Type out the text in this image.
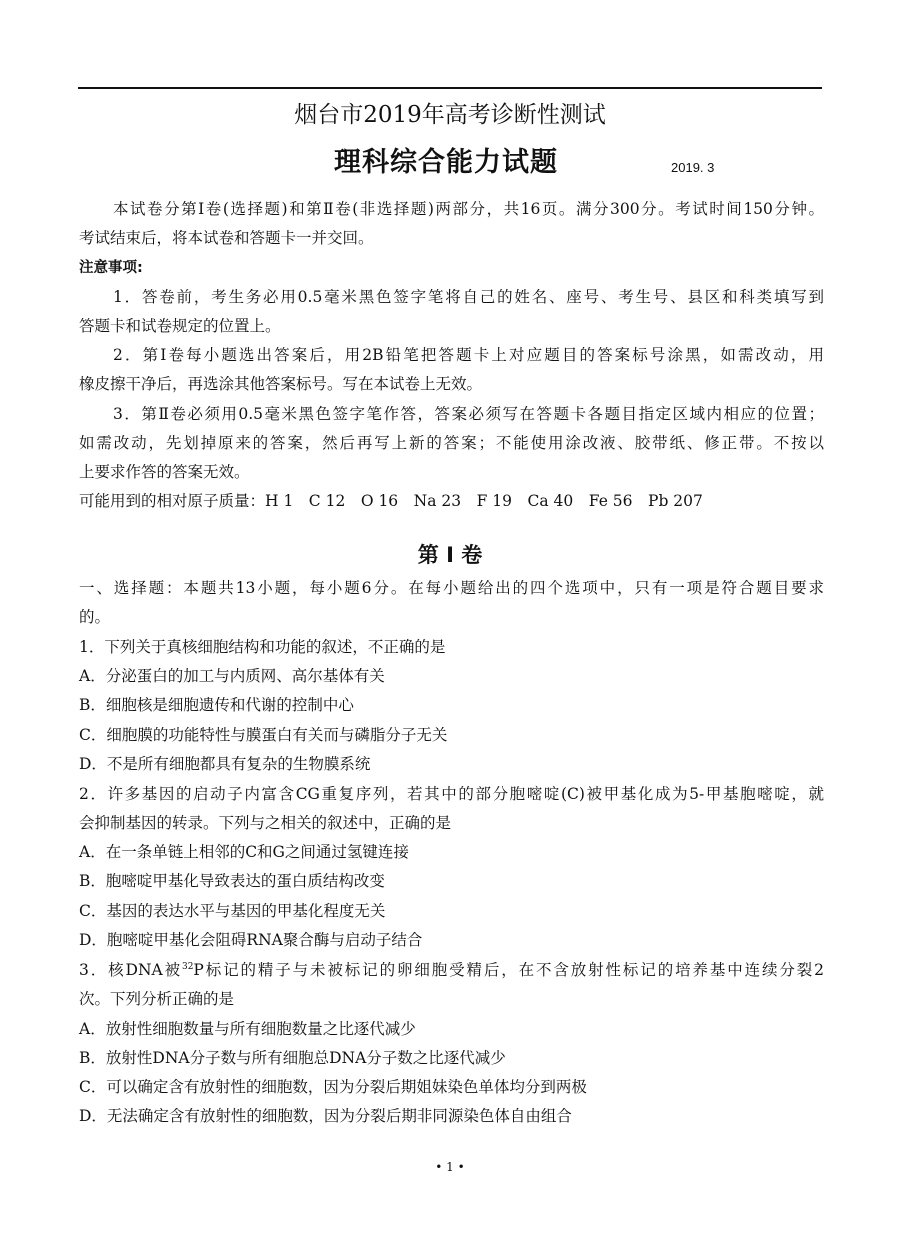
烟台市2019年高考诊断性测试
理科综合能力试题	2019. 3
本试卷分第Ⅰ卷(选择题)和第Ⅱ卷(非选择题)两部分，共16页。满分300分。考试时间150分钟。
考试结束后，将本试卷和答题卡一并交回。
注意事项:
1．答卷前，考生务必用0.5毫米黑色签字笔将自己的姓名、座号、考生号、县区和科类填写到
答题卡和试卷规定的位置上。
2．第Ⅰ卷每小题选出答案后，用2B铅笔把答题卡上对应题目的答案标号涂黑，如需改动，用
橡皮擦干净后，再选涂其他答案标号。写在本试卷上无效。
3．第Ⅱ卷必须用0.5毫米黑色签字笔作答，答案必须写在答题卡各题目指定区域内相应的位置；
如需改动，先划掉原来的答案，然后再写上新的答案；不能使用涂改液、胶带纸、修正带。不按以
上要求作答的答案无效。
可能用到的相对原子质量：H 1　C 12　O 16　Na 23　F 19　Ca 40　Fe 56　Pb 207
第 Ⅰ 卷
一、选择题：本题共13小题，每小题6分。在每小题给出的四个选项中，只有一项是符合题目要求
的。
1．下列关于真核细胞结构和功能的叙述，不正确的是
A．分泌蛋白的加工与内质网、高尔基体有关
B．细胞核是细胞遗传和代谢的控制中心
C．细胞膜的功能特性与膜蛋白有关而与磷脂分子无关
D．不是所有细胞都具有复杂的生物膜系统
2．许多基因的启动子内富含CG重复序列，若其中的部分胞嘧啶(C)被甲基化成为5-甲基胞嘧啶，就
会抑制基因的转录。下列与之相关的叙述中，正确的是
A．在一条单链上相邻的C和G之间通过氢键连接
B．胞嘧啶甲基化导致表达的蛋白质结构改变
C．基因的表达水平与基因的甲基化程度无关
D．胞嘧啶甲基化会阻碍RNA聚合酶与启动子结合
3．核DNA被$^{32}$P标记的精子与未被标记的卵细胞受精后，在不含放射性标记的培养基中连续分裂2
次。下列分析正确的是
A．放射性细胞数量与所有细胞数量之比逐代减少
B．放射性DNA分子数与所有细胞总DNA分子数之比逐代减少
C．可以确定含有放射性的细胞数，因为分裂后期姐妹染色单体均分到两极
D．无法确定含有放射性的细胞数，因为分裂后期非同源染色体自由组合
• 1 •
